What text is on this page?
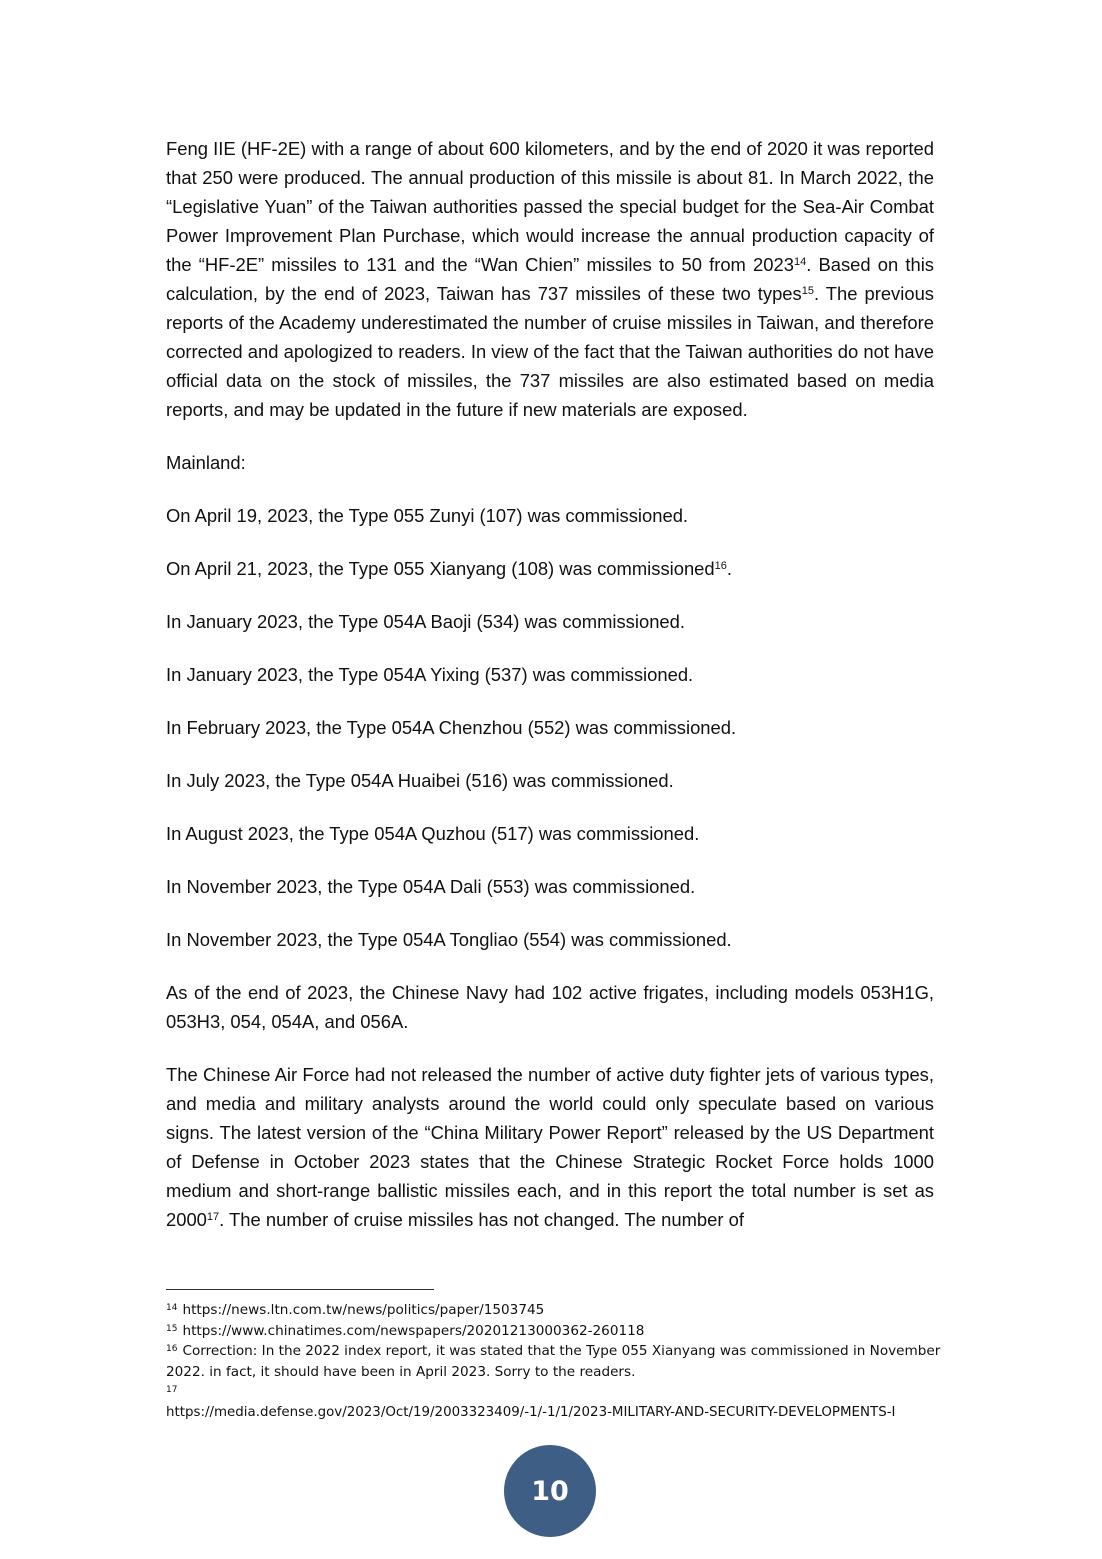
Feng IIE (HF-2E) with a range of about 600 kilometers, and by the end of 2020 it was reported that 250 were produced. The annual production of this missile is about 81. In March 2022, the “Legislative Yuan” of the Taiwan authorities passed the special budget for the Sea-Air Combat Power Improvement Plan Purchase, which would increase the annual production capacity of the “HF-2E” missiles to 131 and the “Wan Chien” missiles to 50 from 2023$^{14}$. Based on this calculation, by the end of 2023, Taiwan has 737 missiles of these two types$^{15}$. The previous reports of the Academy underestimated the number of cruise missiles in Taiwan, and therefore corrected and apologized to readers. In view of the fact that the Taiwan authorities do not have official data on the stock of missiles, the 737 missiles are also estimated based on media reports, and may be updated in the future if new materials are exposed.

Mainland:

On April 19, 2023, the Type 055 Zunyi (107) was commissioned.

On April 21, 2023, the Type 055 Xianyang (108) was commissioned$^{16}$.

In January 2023, the Type 054A Baoji (534) was commissioned.

In January 2023, the Type 054A Yixing (537) was commissioned.

In February 2023, the Type 054A Chenzhou (552) was commissioned.

In July 2023, the Type 054A Huaibei (516) was commissioned.

In August 2023, the Type 054A Quzhou (517) was commissioned.

In November 2023, the Type 054A Dali (553) was commissioned.

In November 2023, the Type 054A Tongliao (554) was commissioned.

As of the end of 2023, the Chinese Navy had 102 active frigates, including models 053H1G, 053H3, 054, 054A, and 056A.

The Chinese Air Force had not released the number of active duty fighter jets of various types, and media and military analysts around the world could only speculate based on various signs. The latest version of the “China Military Power Report” released by the US Department of Defense in October 2023 states that the Chinese Strategic Rocket Force holds 1000 medium and short-range ballistic missiles each, and in this report the total number is set as 2000$^{17}$. The number of cruise missiles has not changed. The number of

$^{14}$ https://news.ltn.com.tw/news/politics/paper/1503745

$^{15}$ https://www.chinatimes.com/newspapers/20201213000362-260118

$^{16}$ Correction: In the 2022 index report, it was stated that the Type 055 Xianyang was commissioned in November 2022. in fact, it should have been in April 2023. Sorry to the readers.

$^{17}$

https://media.defense.gov/2023/Oct/19/2003323409/-1/-1/1/2023-MILITARY-AND-SECURITY-DEVELOPMENTS-I

10
